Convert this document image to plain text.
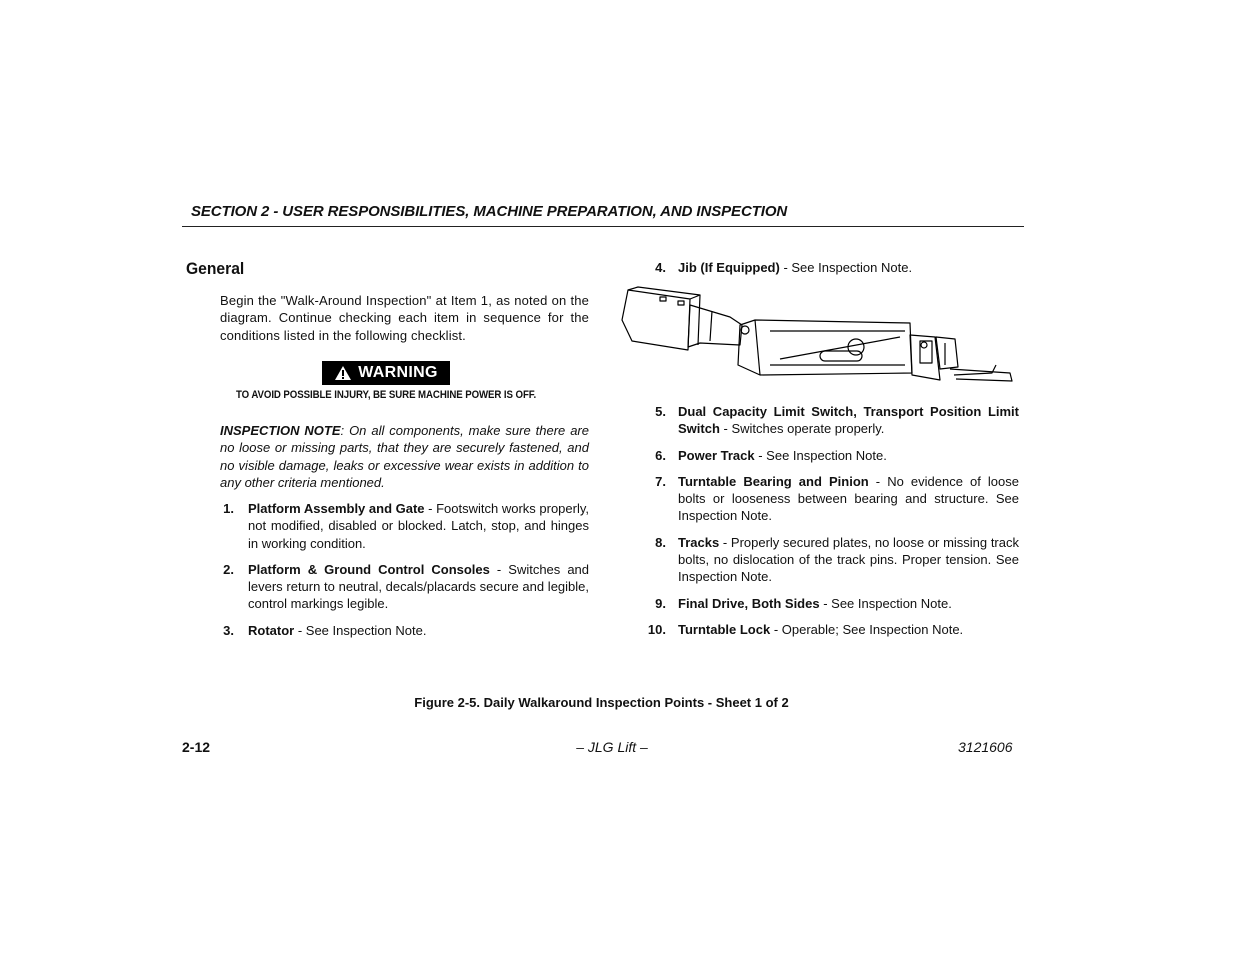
SECTION 2 - USER RESPONSIBILITIES, MACHINE PREPARATION, AND INSPECTION
General
Begin the "Walk-Around Inspection" at Item 1, as noted on the diagram. Continue checking each item in sequence for the conditions listed in the following checklist.
WARNING
TO AVOID POSSIBLE INJURY, BE SURE MACHINE POWER IS OFF.
INSPECTION NOTE: On all components, make sure there are no loose or missing parts, that they are securely fastened, and no visible damage, leaks or excessive wear exists in addition to any other criteria mentioned.
1. Platform Assembly and Gate - Footswitch works properly, not modified, disabled or blocked. Latch, stop, and hinges in working condition.
2. Platform & Ground Control Consoles - Switches and levers return to neutral, decals/placards secure and legible, control markings legible.
3. Rotator - See Inspection Note.
4. Jib (If Equipped) - See Inspection Note.
5. Dual Capacity Limit Switch, Transport Position Limit Switch - Switches operate properly.
6. Power Track - See Inspection Note.
7. Turntable Bearing and Pinion - No evidence of loose bolts or looseness between bearing and structure. See Inspection Note.
8. Tracks - Properly secured plates, no loose or missing track bolts, no dislocation of the track pins. Proper tension. See Inspection Note.
9. Final Drive, Both Sides - See Inspection Note.
10. Turntable Lock - Operable; See Inspection Note.
Figure 2-5. Daily Walkaround Inspection Points - Sheet 1 of 2
2-12	– JLG Lift –	3121606
